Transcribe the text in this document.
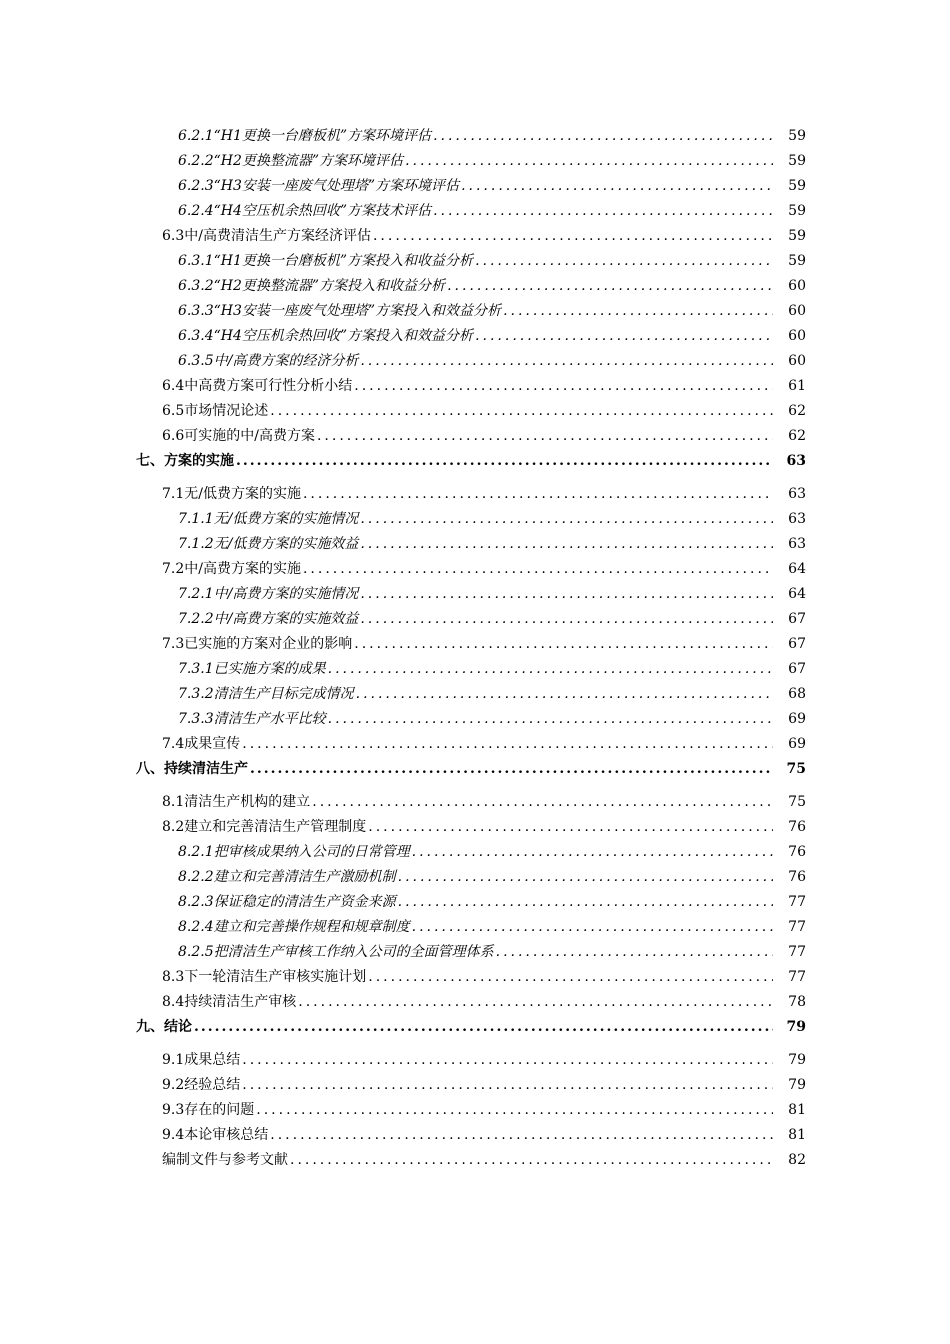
6.2.1“H1更换一台磨板机”方案环境评估 .....	59
6.2.2“H2更换整流器”方案环境评估 .....	59
6.2.3“H3安装一座废气处理塔”方案环境评估 .....	59
6.2.4“H4空压机余热回收”方案技术评估 .....	59
6.3中/高费清洁生产方案经济评估 .....	59
6.3.1“H1更换一台磨板机”方案投入和收益分析 .....	59
6.3.2“H2更换整流器”方案投入和收益分析 .....	60
6.3.3“H3安装一座废气处理塔”方案投入和效益分析 .....	60
6.3.4“H4空压机余热回收”方案投入和效益分析 .....	60
6.3.5中/高费方案的经济分析 .....	60
6.4中高费方案可行性分析小结 .....	61
6.5市场情况论述 .....	62
6.6可实施的中/高费方案 .....	62
七、方案的实施 .....	63
7.1无/低费方案的实施 .....	63
7.1.1无/低费方案的实施情况 .....	63
7.1.2无/低费方案的实施效益 .....	63
7.2中/高费方案的实施 .....	64
7.2.1中/高费方案的实施情况 .....	64
7.2.2中/高费方案的实施效益 .....	67
7.3已实施的方案对企业的影响 .....	67
7.3.1已实施方案的成果 .....	67
7.3.2清洁生产目标完成情况 .....	68
7.3.3清洁生产水平比较 .....	69
7.4成果宣传 .....	69
八、持续清洁生产 .....	75
8.1清洁生产机构的建立 .....	75
8.2建立和完善清洁生产管理制度 .....	76
8.2.1把审核成果纳入公司的日常管理 .....	76
8.2.2建立和完善清洁生产激励机制 .....	76
8.2.3保证稳定的清洁生产资金来源 .....	77
8.2.4建立和完善操作规程和规章制度 .....	77
8.2.5把清洁生产审核工作纳入公司的全面管理体系 .....	77
8.3下一轮清洁生产审核实施计划 .....	77
8.4持续清洁生产审核 .....	78
九、结论 .....	79
9.1成果总结 .....	79
9.2经验总结 .....	79
9.3存在的问题 .....	81
9.4本论审核总结 .....	81
编制文件与参考文献 .....	82
